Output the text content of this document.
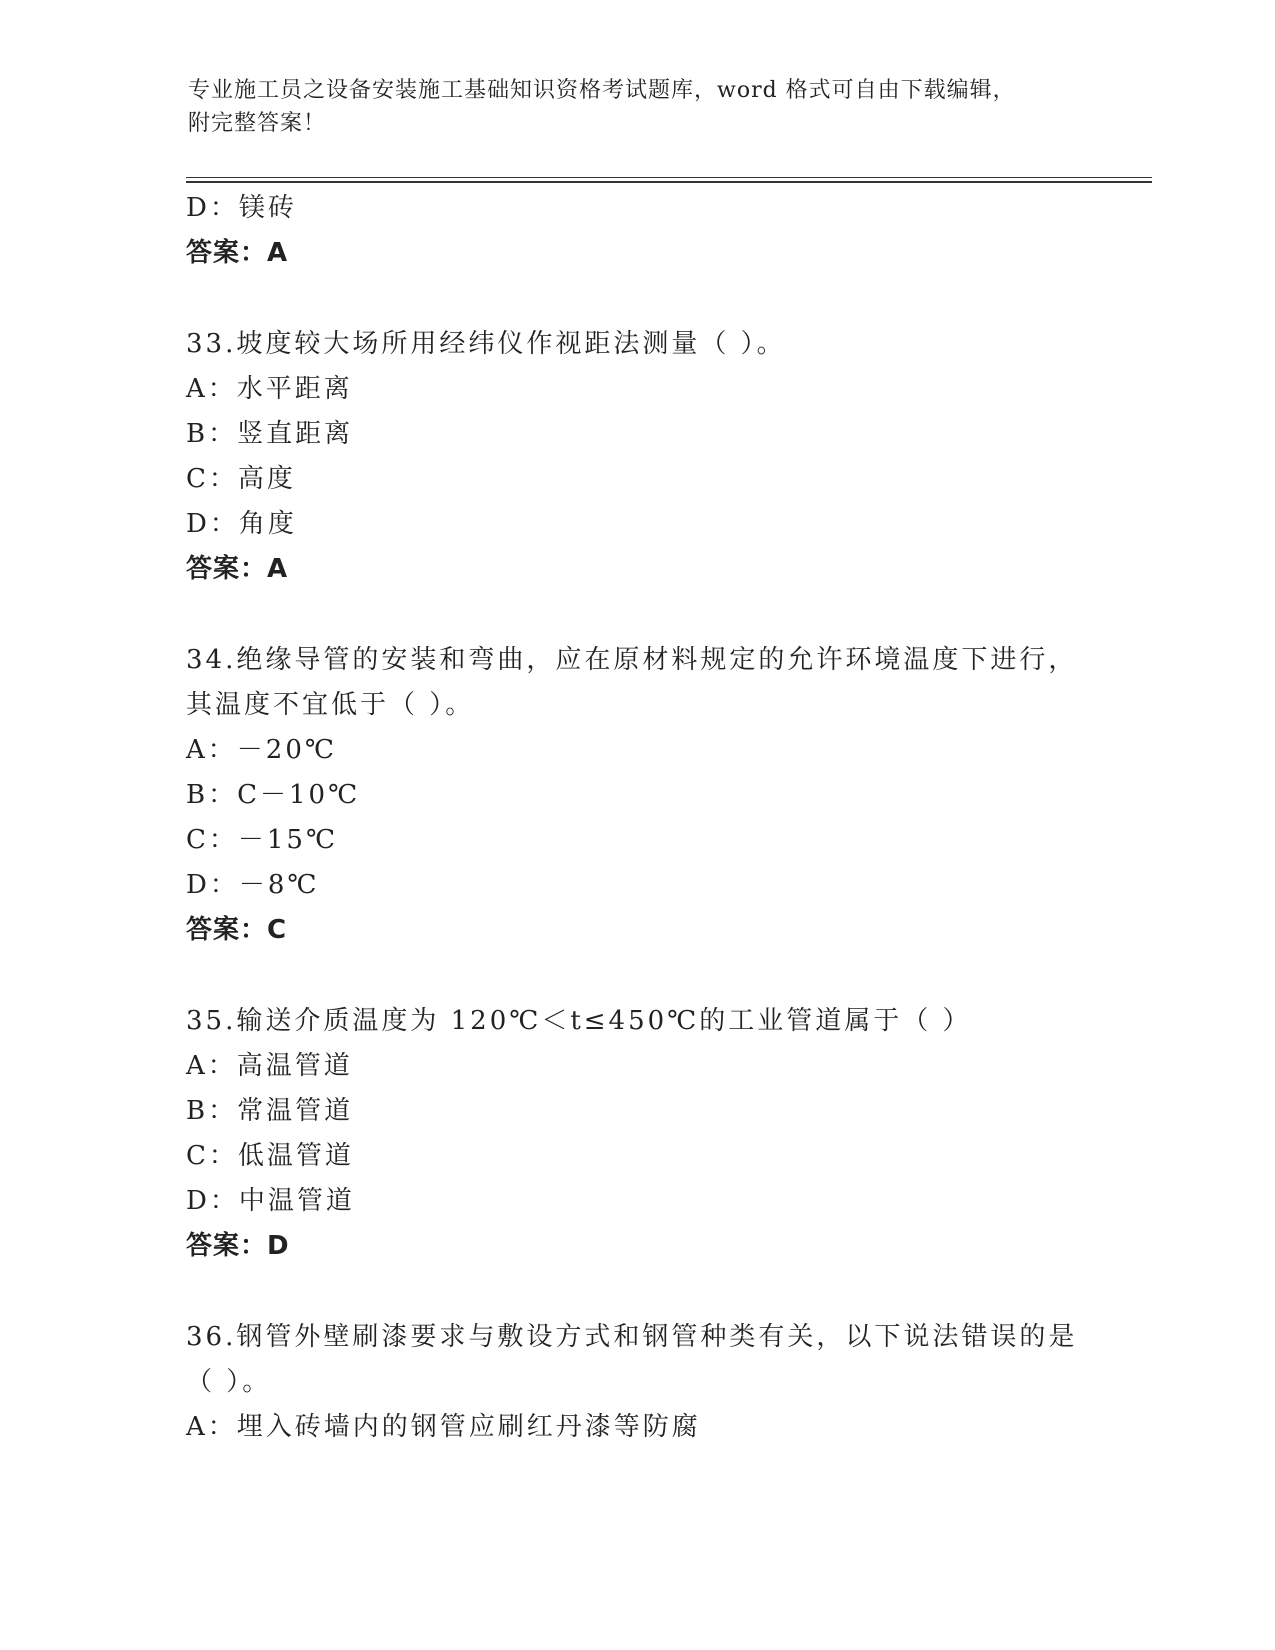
专业施工员之设备安装施工基础知识资格考试题库，word 格式可自由下载编辑，
附完整答案！
D：镁砖
答案：A
33.坡度较大场所用经纬仪作视距法测量（ ）。
A：水平距离
B：竖直距离
C：高度
D：角度
答案：A
34.绝缘导管的安装和弯曲，应在原材料规定的允许环境温度下进行，
其温度不宜低于（ ）。
A：－20℃
B：C－10℃
C：－15℃
D：－8℃
答案：C
35.输送介质温度为 120℃＜t≤450℃的工业管道属于（ ）
A：高温管道
B：常温管道
C：低温管道
D：中温管道
答案：D
36.钢管外壁刷漆要求与敷设方式和钢管种类有关，以下说法错误的是
（ ）。
A：埋入砖墙内的钢管应刷红丹漆等防腐
